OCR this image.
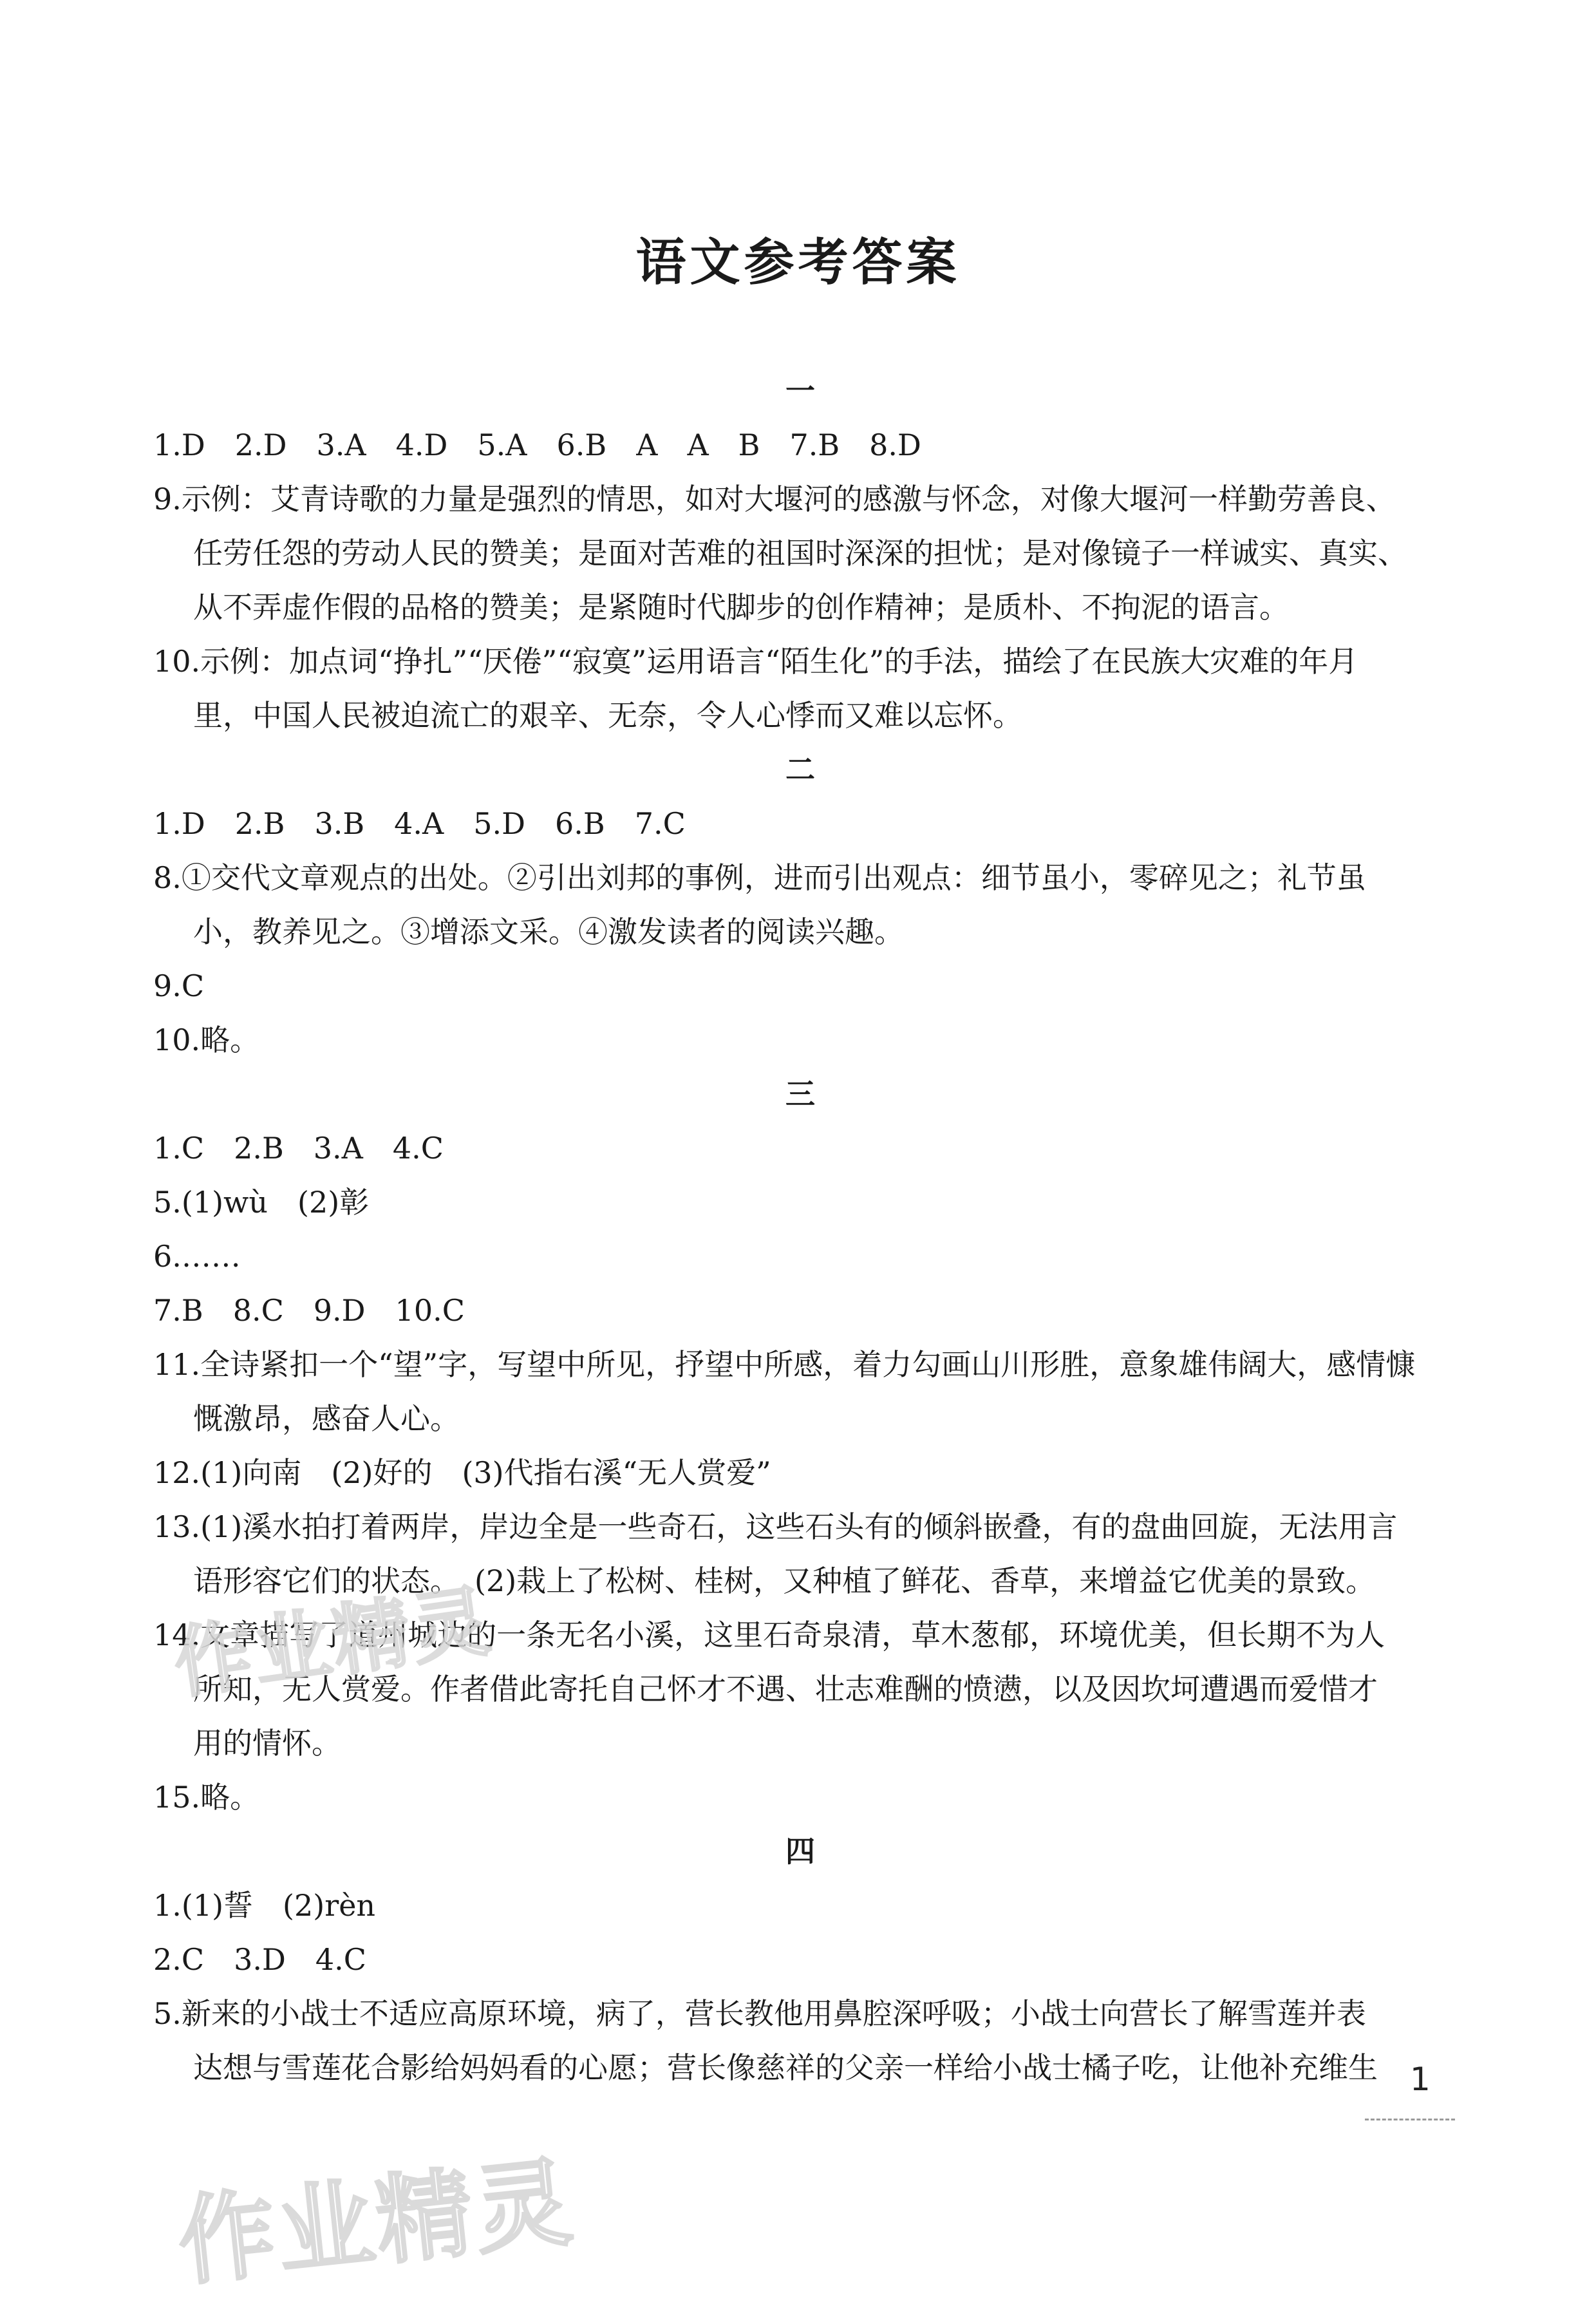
语文参考答案
一

1.D　2.D　3.A　4.D　5.A　6.B　A　A　B　7.B　8.D

9.示例：艾青诗歌的力量是强烈的情思，如对大堰河的感激与怀念，对像大堰河一样勤劳善良、

任劳任怨的劳动人民的赞美；是面对苦难的祖国时深深的担忧；是对像镜子一样诚实、真实、

从不弄虚作假的品格的赞美；是紧随时代脚步的创作精神；是质朴、不拘泥的语言。

10.示例：加点词“挣扎”“厌倦”“寂寞”运用语言“陌生化”的手法，描绘了在民族大灾难的年月

里，中国人民被迫流亡的艰辛、无奈，令人心悸而又难以忘怀。

二

1.D　2.B　3.B　4.A　5.D　6.B　7.C

8.①交代文章观点的出处。②引出刘邦的事例，进而引出观点：细节虽小，零碎见之；礼节虽

小，教养见之。③增添文采。④激发读者的阅读兴趣。

9.C

10.略。

三

1.C　2.B　3.A　4.C

5.(1)wù　(2)彰

6.……

7.B　8.C　9.D　10.C

11.全诗紧扣一个“望”字，写望中所见，抒望中所感，着力勾画山川形胜，意象雄伟阔大，感情慷

慨激昂，感奋人心。

12.(1)向南　(2)好的　(3)代指右溪“无人赏爱”

13.(1)溪水拍打着两岸，岸边全是一些奇石，这些石头有的倾斜嵌叠，有的盘曲回旋，无法用言

语形容它们的状态。　(2)栽上了松树、桂树，又种植了鲜花、香草，来增益它优美的景致。

14.文章描写了道州城边的一条无名小溪，这里石奇泉清，草木葱郁，环境优美，但长期不为人

所知，无人赏爱。作者借此寄托自己怀才不遇、壮志难酬的愤懑，以及因坎坷遭遇而爱惜才

用的情怀。

15.略。

四

1.(1)誓　(2)rèn

2.C　3.D　4.C

5.新来的小战士不适应高原环境，病了，营长教他用鼻腔深呼吸；小战士向营长了解雪莲并表

达想与雪莲花合影给妈妈看的心愿；营长像慈祥的父亲一样给小战士橘子吃，让他补充维生	1
作业精灵
作业精灵
